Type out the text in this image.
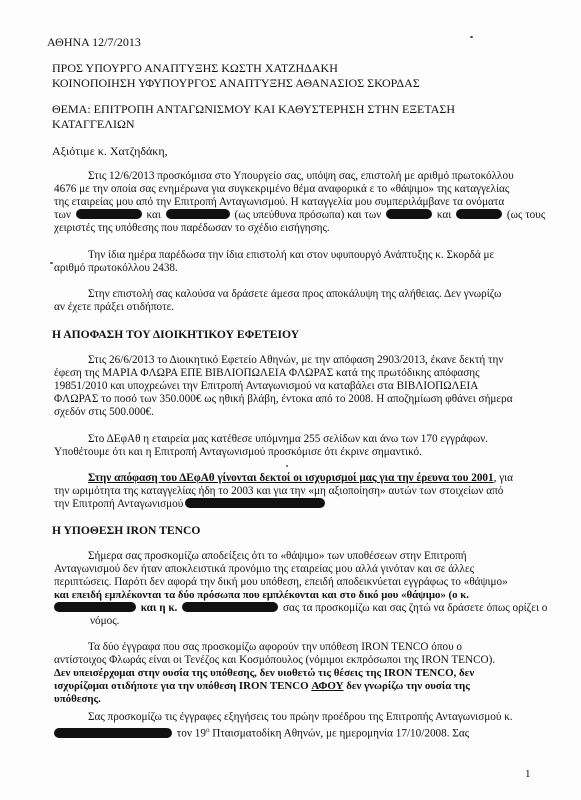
ΑΘΗΝΑ 12/7/2013
ΠΡΟΣ ΥΠΟΥΡΓΟ ΑΝΑΠΤΥΞΗΣ ΚΩΣΤΗ ΧΑΤΖΗΔΑΚΗ
ΚΟΙΝΟΠΟΙΗΣΗ ΥΦΥΠΟΥΡΓΟΣ ΑΝΑΠΤΥΞΗΣ ΑΘΑΝΑΣΙΟΣ ΣΚΟΡΔΑΣ
ΘΕΜΑ: ΕΠΙΤΡΟΠΗ ΑΝΤΑΓΩΝΙΣΜΟΥ ΚΑΙ ΚΑΘΥΣΤΕΡΗΣΗ ΣΤΗΝ ΕΞΕΤΑΣΗ
ΚΑΤΑΓΓΕΛΙΩΝ
Αξιότιμε κ. Χατζηδάκη,
Στις 12/6/2013 προσκόμισα στο Υπουργείο σας, υπόψη σας, επιστολή με αριθμό πρωτοκόλλου
4676 με την οποία σας ενημέρωνα για συγκεκριμένο θέμα αναφορικά ε το «θάψιμο» της καταγγελίας
της εταιρείας μου από την Επιτροπή Ανταγωνισμού. Η καταγγελία μου συμπεριλάμβανε τα ονόματα
των	και	(ως υπεύθυνα πρόσωπα) και των	και	(ως τους
χειριστές της υπόθεσης που παρέδωσαν το σχέδιο εισήγησης.
Την ίδια ημέρα παρέδωσα την ίδια επιστολή και στον υφυπουργό Ανάπτυξης κ. Σκορδά με
αριθμό πρωτοκόλλου 2438.
Στην επιστολή σας καλούσα να δράσετε άμεσα προς αποκάλυψη της αλήθειας. Δεν γνωρίζω
αν έχετε πράξει οτιδήποτε.
Η ΑΠΟΦΑΣΗ ΤΟΥ ΔΙΟΙΚΗΤΙΚΟΥ ΕΦΕΤΕΙΟΥ
Στις 26/6/2013 το Διοικητικό Εφετείο Αθηνών, με την απόφαση 2903/2013, έκανε δεκτή την
έφεση της ΜΑΡΙΑ ΦΛΩΡΑ ΕΠΕ ΒΙΒΛΙΟΠΩΛΕΙΑ ΦΛΩΡΑΣ κατά της πρωτόδικης απόφασης
19851/2010 και υποχρεώνει την Επιτροπή Ανταγωνισμού να καταβάλει στα ΒΙΒΛΙΟΠΩΛΕΙΑ
ΦΛΩΡΑΣ το ποσό των 350.000€ ως ηθική βλάβη, έντοκα από το 2008. Η αποζημίωση φθάνει σήμερα
σχεδόν στις 500.000€.
Στο ΔΕφΑθ η εταιρεία μας κατέθεσε υπόμνημα 255 σελίδων και άνω των 170 εγγράφων.
Υποθέτουμε ότι και η Επιτροπή Ανταγωνισμού προσκόμισε ότι έκρινε σημαντικό.
Στην απόφαση του ΔΕφΑθ γίνονται δεκτοί οι ισχυρισμοί μας για την έρευνα του 2001, για
την ωριμότητα της καταγγελίας ήδη το 2003 και για την «μη αξιοποίηση» αυτών των στοιχείων από
την Επιτροπή Ανταγωνισμού
Η ΥΠΟΘΕΣΗ IRON TENCO
Σήμερα σας προσκομίζω αποδείξεις ότι το «θάψιμο» των υποθέσεων στην Επιτροπή
Ανταγωνισμού δεν ήταν αποκλειστικά προνόμιο της εταιρείας μου αλλά γινόταν και σε άλλες
περιπτώσεις. Παρότι δεν αφορά την δική μου υπόθεση, επειδή αποδεικνύεται εγγράφως το «θάψιμο»
και επειδή εμπλέκονται τα δύο πρόσωπα που εμπλέκονται και στο δικό μου «θάψιμο» (ο κ.
και η κ.	σας τα προσκομίζω και σας ζητώ να δράσετε όπως ορίζει ο
νόμος.
Τα δύο έγγραφα που σας προσκομίζω αφορούν την υπόθεση IRON TENCO όπου ο
αντίστοιχος Φλωράς είναι οι Τενέζος και Κοσμόπουλος (νόμιμοι εκπρόσωποι της IRON TENCO).
Δεν υπεισέρχομαι στην ουσία της υπόθεσης, δεν υιοθετώ τις θέσεις της IRON TENCO, δεν
ισχυρίζομαι οτιδήποτε για την υπόθεση IRON TENCO ΑΦΟΥ δεν γνωρίζω την ουσία της
υπόθεσης.
Σας προσκομίζω τις έγγραφες εξηγήσεις του πρώην προέδρου της Επιτροπής Ανταγωνισμού κ.
τον $19^o$ Πταισματοδίκη Αθηνών, με ημερομηνία 17/10/2008. Σας
1
